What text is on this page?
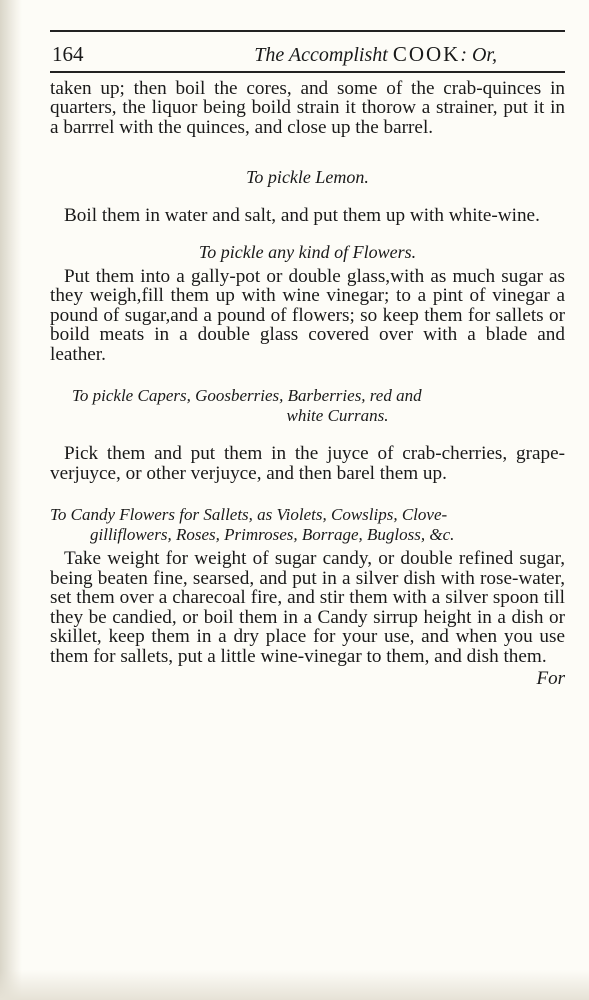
164	The Accomplisht COOK: Or,

taken up; then boil the cores, and some of the crab-quinces in quarters, the liquor being boild strain it thorow a strainer, put it in a barrrel with the quinces, and close up the barrel.

To pickle Lemon.

Boil them in water and salt, and put them up with white-wine.

To pickle any kind of Flowers.

Put them into a gally-pot or double glass,with as much sugar as they weigh,fill them up with wine vinegar; to a pint of vinegar a pound of sugar,and a pound of flowers; so keep them for sallets or boild meats in a double glass covered over with a blade and leather.

To pickle Capers, Goosberries, Barberries, red and

white Currans.

Pick them and put them in the juyce of crab-cherries, grape-verjuyce, or other verjuyce, and then barel them up.

To Candy Flowers for Sallets, as Violets, Cowslips, Clove-

gilliflowers, Roses, Primroses, Borrage, Bugloss, &c.

Take weight for weight of sugar candy, or double refined sugar, being beaten fine, searsed, and put in a silver dish with rose-water, set them over a charecoal fire, and stir them with a silver spoon till they be candied, or boil them in a Candy sirrup height in a dish or skillet, keep them in a dry place for your use, and when you use them for sallets, put a little wine-vinegar to them, and dish them.

For
